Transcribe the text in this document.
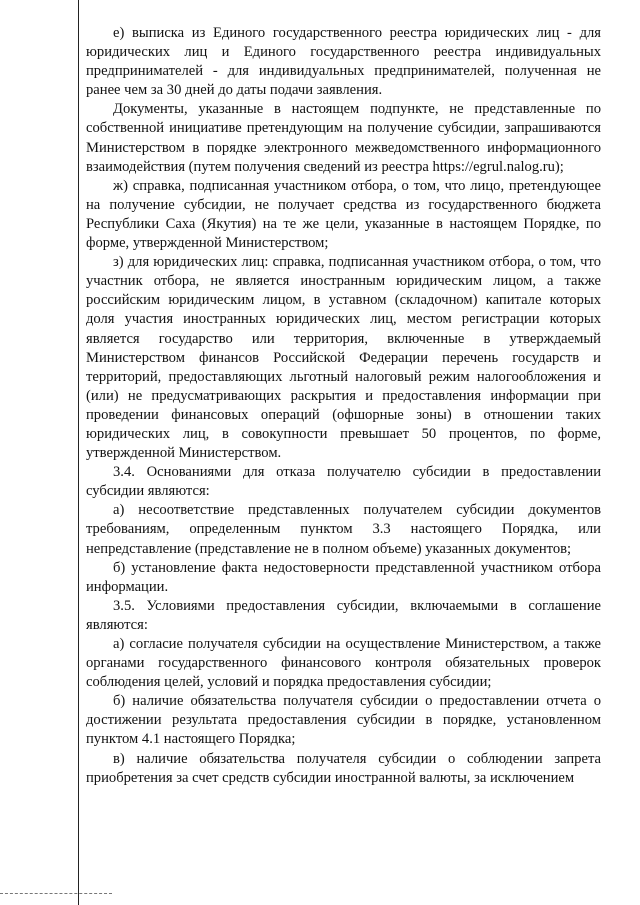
е) выписка из Единого государственного реестра юридических лиц - для юридических лиц и Единого государственного реестра индивидуальных предпринимателей - для индивидуальных предпринимателей, полученная не ранее чем за 30 дней до даты подачи заявления.

Документы, указанные в настоящем подпункте, не представленные по собственной инициативе претендующим на получение субсидии, запрашиваются Министерством в порядке электронного межведомственного информационного взаимодействия (путем получения сведений из реестра https://egrul.nalog.ru);

ж) справка, подписанная участником отбора, о том, что лицо, претендующее на получение субсидии, не получает средства из государственного бюджета Республики Саха (Якутия) на те же цели, указанные в настоящем Порядке, по форме, утвержденной Министерством;

з) для юридических лиц: справка, подписанная участником отбора, о том, что участник отбора, не является иностранным юридическим лицом, а также российским юридическим лицом, в уставном (складочном) капитале которых доля участия иностранных юридических лиц, местом регистрации которых является государство или территория, включенные в утверждаемый Министерством финансов Российской Федерации перечень государств и территорий, предоставляющих льготный налоговый режим налогообложения и (или) не предусматривающих раскрытия и предоставления информации при проведении финансовых операций (офшорные зоны) в отношении таких юридических лиц, в совокупности превышает 50 процентов, по форме, утвержденной Министерством.

3.4. Основаниями для отказа получателю субсидии в предоставлении субсидии являются:

а) несоответствие представленных получателем субсидии документов требованиям, определенным пунктом 3.3 настоящего Порядка, или непредставление (представление не в полном объеме) указанных документов;

б) установление факта недостоверности представленной участником отбора информации.

3.5. Условиями предоставления субсидии, включаемыми в соглашение являются:

а) согласие получателя субсидии на осуществление Министерством, а также органами государственного финансового контроля обязательных проверок соблюдения целей, условий и порядка предоставления субсидии;

б) наличие обязательства получателя субсидии о предоставлении отчета о достижении результата предоставления субсидии в порядке, установленном пунктом 4.1 настоящего Порядка;

в) наличие обязательства получателя субсидии о соблюдении запрета приобретения за счет средств субсидии иностранной валюты, за исключением
